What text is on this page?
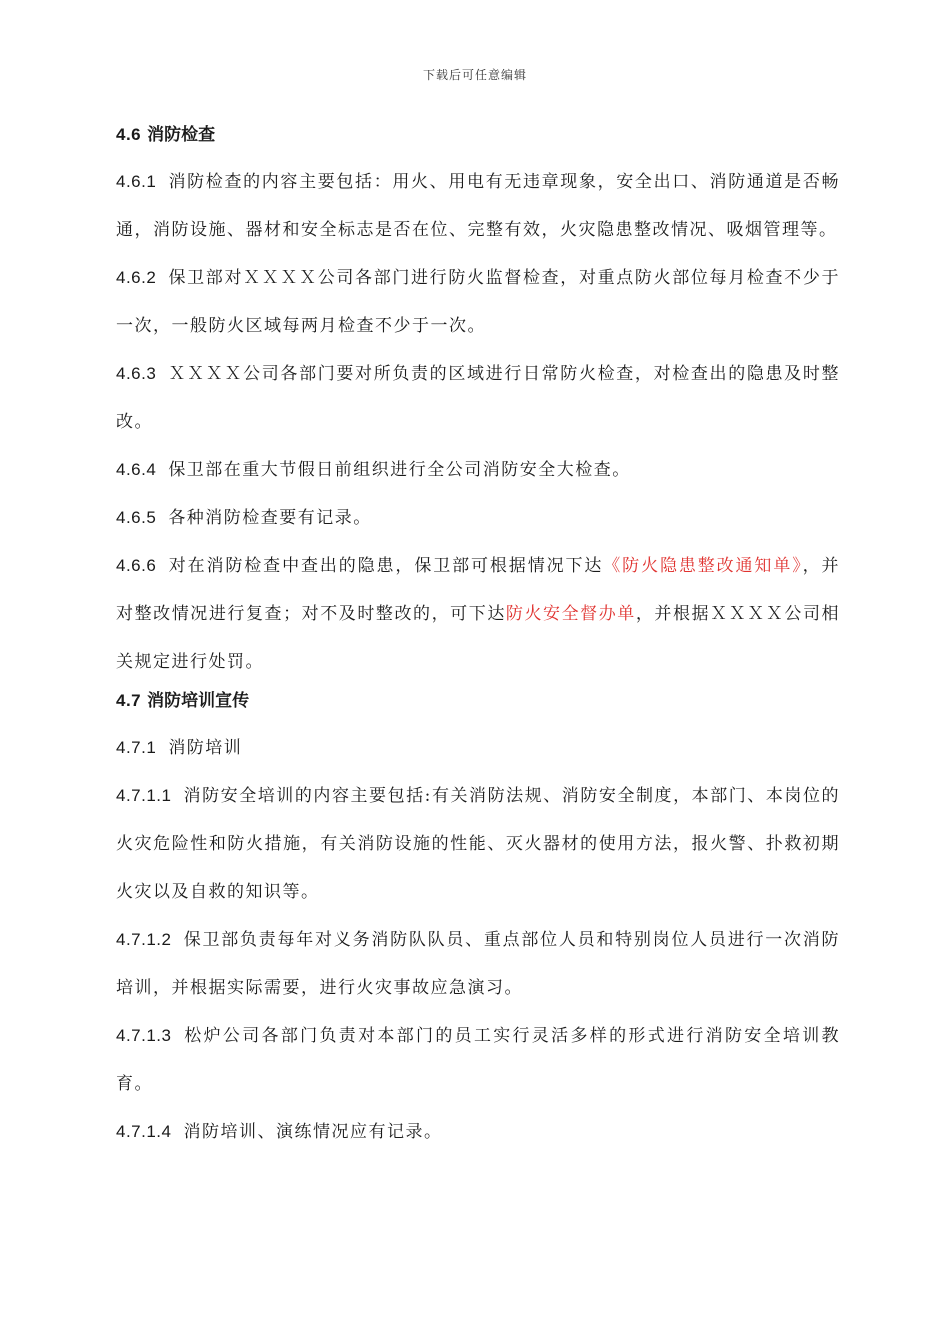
下载后可任意编辑
4.6 消防检查

4.6.1 消防检查的内容主要包括：用火、用电有无违章现象，安全出口、消防通道是否畅通，消防设施、器材和安全标志是否在位、完整有效，火灾隐患整改情况、吸烟管理等。

4.6.2 保卫部对ＸＸＸＸ公司各部门进行防火监督检查，对重点防火部位每月检查不少于一次，一般防火区域每两月检查不少于一次。

4.6.3 ＸＸＸＸ公司各部门要对所负责的区域进行日常防火检查，对检查出的隐患及时整改。

4.6.4 保卫部在重大节假日前组织进行全公司消防安全大检查。

4.6.5 各种消防检查要有记录。

4.6.6 对在消防检查中查出的隐患，保卫部可根据情况下达《防火隐患整改通知单》，并对整改情况进行复查；对不及时整改的，可下达防火安全督办单，并根据ＸＸＸＸ公司相关规定进行处罚。

4.7 消防培训宣传

4.7.1 消防培训

4.7.1.1 消防安全培训的内容主要包括:有关消防法规、消防安全制度，本部门、本岗位的火灾危险性和防火措施，有关消防设施的性能、灭火器材的使用方法，报火警、扑救初期火灾以及自救的知识等。

4.7.1.2 保卫部负责每年对义务消防队队员、重点部位人员和特别岗位人员进行一次消防培训，并根据实际需要，进行火灾事故应急演习。

4.7.1.3 松炉公司各部门负责对本部门的员工实行灵活多样的形式进行消防安全培训教育。

4.7.1.4 消防培训、演练情况应有记录。
